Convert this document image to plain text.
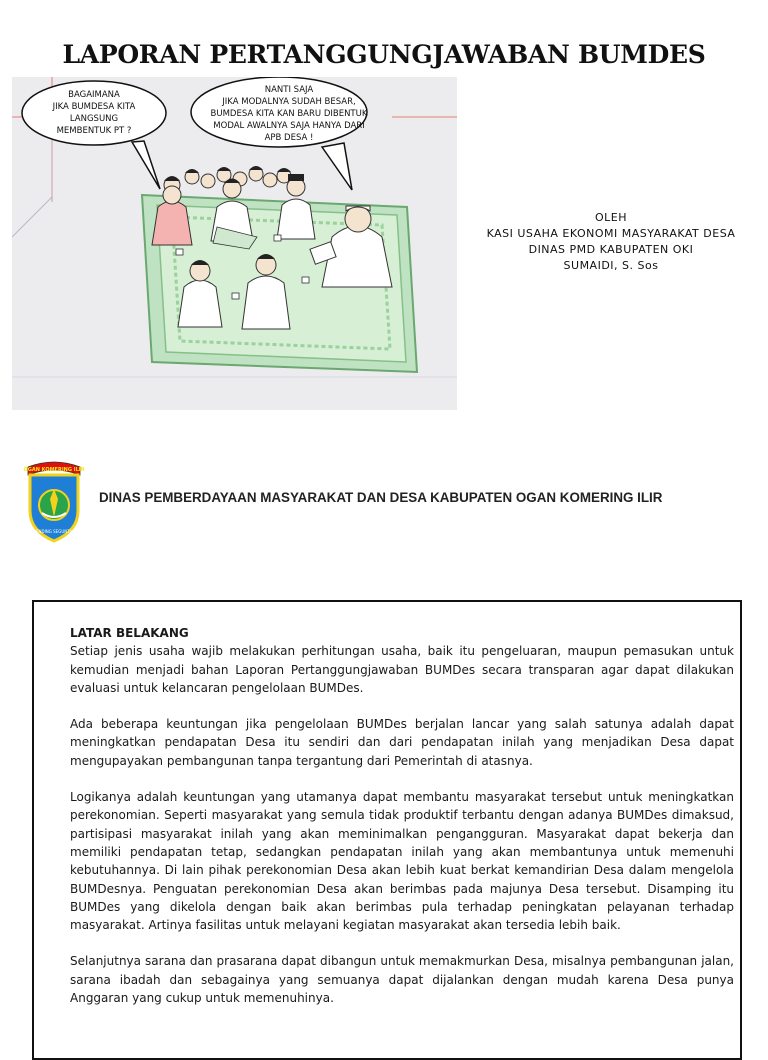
LAPORAN PERTANGGUNGJAWABAN BUMDES
BAGAIMANA
JIKA BUMDESA KITA
LANGSUNG
MEMBENTUK PT ?
NANTI SAJA
JIKA MODALNYA SUDAH BESAR,
BUMDESA KITA KAN BARU DIBENTUK
MODAL AWALNYA SAJA HANYA DARI
APB DESA !
OLEH
KASI USAHA EKONOMI MASYARAKAT DESA
DINAS PMD KABUPATEN OKI
SUMAIDI, S. Sos
OGAN KOMERING ILIR
BENDING SEGUNTAK
DINAS PEMBERDAYAAN MASYARAKAT DAN DESA KABUPATEN OGAN KOMERING ILIR
LATAR BELAKANG

Setiap jenis usaha wajib melakukan perhitungan usaha, baik itu pengeluaran, maupun pemasukan untuk kemudian menjadi bahan Laporan Pertanggungjawaban BUMDes secara transparan agar dapat dilakukan evaluasi untuk kelancaran pengelolaan BUMDes.

Ada beberapa keuntungan jika pengelolaan BUMDes berjalan lancar yang salah satunya adalah dapat meningkatkan pendapatan Desa itu sendiri dan dari pendapatan inilah yang menjadikan Desa dapat mengupayakan pembangunan tanpa tergantung dari Pemerintah di atasnya.

Logikanya adalah keuntungan yang utamanya dapat membantu masyarakat tersebut untuk meningkatkan perekonomian. Seperti masyarakat yang semula tidak produktif terbantu dengan adanya BUMDes dimaksud, partisipasi masyarakat inilah yang akan meminimalkan pengangguran. Masyarakat dapat bekerja dan memiliki pendapatan tetap, sedangkan pendapatan inilah yang akan membantunya untuk memenuhi kebutuhannya. Di lain pihak perekonomian Desa akan lebih kuat berkat kemandirian Desa dalam mengelola BUMDesnya. Penguatan perekonomian Desa akan berimbas pada majunya Desa tersebut. Disamping itu BUMDes yang dikelola dengan baik akan berimbas pula terhadap peningkatan pelayanan terhadap masyarakat. Artinya fasilitas untuk melayani kegiatan masyarakat akan tersedia lebih baik.

Selanjutnya sarana dan prasarana dapat dibangun untuk memakmurkan Desa, misalnya pembangunan jalan, sarana ibadah dan sebagainya yang semuanya dapat dijalankan dengan mudah karena Desa punya Anggaran yang cukup untuk memenuhinya.
